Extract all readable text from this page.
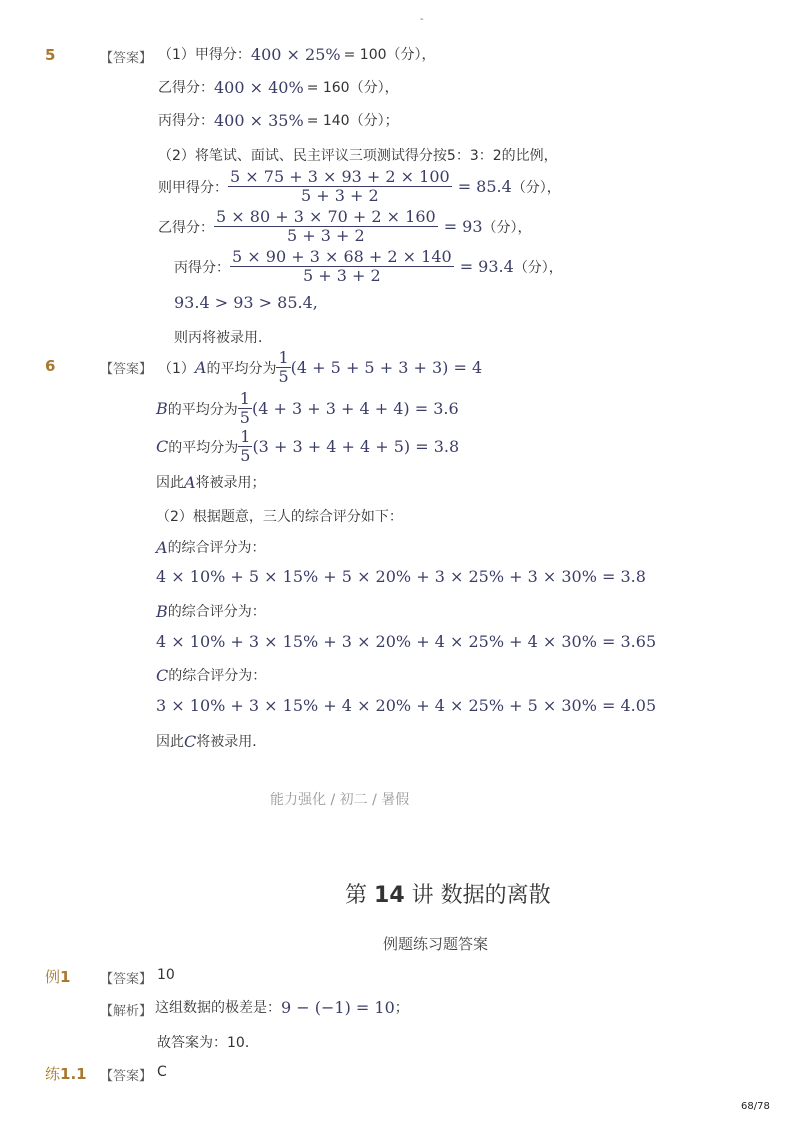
-
5	【答案】 （1）甲得分： 400 × 25% = 100（分），
乙得分： 400 × 40% = 160（分），
丙得分： 400 × 35% = 140（分）；
（2）将笔试、面试、民主评议三项测试得分按5：3：2的比例，
则甲得分： $\frac{5 \times 75 + 3 \times 93 + 2 \times 100}{5 + 3 + 2} = 85.4$ （分），
乙得分： $\frac{5 \times 80 + 3 \times 70 + 2 \times 160}{5 + 3 + 2} = 93$ （分），
丙得分： $\frac{5 \times 90 + 3 \times 68 + 2 \times 140}{5 + 3 + 2} = 93.4$ （分），
93.4 > 93 > 85.4,
则丙将被录用．
6	【答案】 （1） A 的平均分为 $\frac{1}{5} (4 + 5 + 5 + 3 + 3) = 4$
B 的平均分为 $\frac{1}{5} (4 + 3 + 3 + 4 + 4) = 3.6$
C 的平均分为 $\frac{1}{5} (3 + 3 + 4 + 4 + 5) = 3.8$
因此 A 将被录用；
（2）根据题意，三人的综合评分如下：
A 的综合评分为：
4 × 10% + 5 × 15% + 5 × 20% + 3 × 25% + 3 × 30% = 3.8
B 的综合评分为：
4 × 10% + 3 × 15% + 3 × 20% + 4 × 25% + 4 × 30% = 3.65
C 的综合评分为：
3 × 10% + 3 × 15% + 4 × 20% + 4 × 25% + 5 × 30% = 4.05
因此 C 将被录用．
能力强化 / 初二 / 暑假
第 14 讲 数据的离散
例题练习题答案
例 1 【答案】 10
【解析】 这组数据的极差是： 9 − (−1) = 10 ；
故答案为：10．
练 1.1 【答案】 C
68/78
